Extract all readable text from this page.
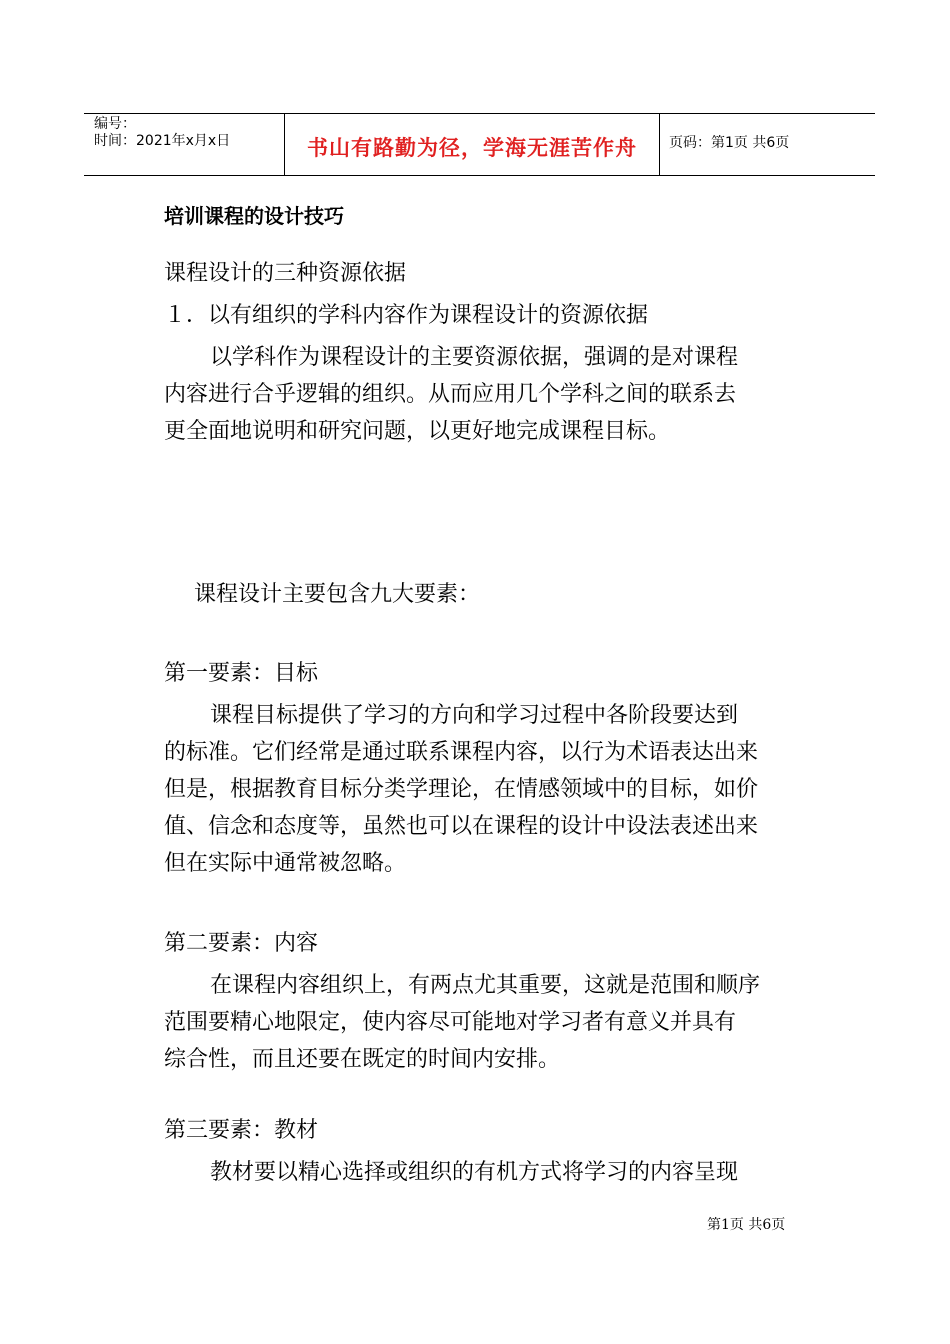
编号：
时间：2021年x月x日	书山有路勤为径，学海无涯苦作舟	页码：第1页 共6页
培训课程的设计技巧
课程设计的三种资源依据
１．以有组织的学科内容作为课程设计的资源依据
以学科作为课程设计的主要资源依据，强调的是对课程
内容进行合乎逻辑的组织。从而应用几个学科之间的联系去
更全面地说明和研究问题，以更好地完成课程目标。
课程设计主要包含九大要素：
第一要素：目标
课程目标提供了学习的方向和学习过程中各阶段要达到
的标准。它们经常是通过联系课程内容，以行为术语表达出来
但是，根据教育目标分类学理论，在情感领域中的目标，如价
值、信念和态度等，虽然也可以在课程的设计中设法表述出来
但在实际中通常被忽略。
第二要素：内容
在课程内容组织上，有两点尤其重要，这就是范围和顺序
范围要精心地限定，使内容尽可能地对学习者有意义并具有
综合性，而且还要在既定的时间内安排。
第三要素：教材
教材要以精心选择或组织的有机方式将学习的内容呈现
第1页 共6页
